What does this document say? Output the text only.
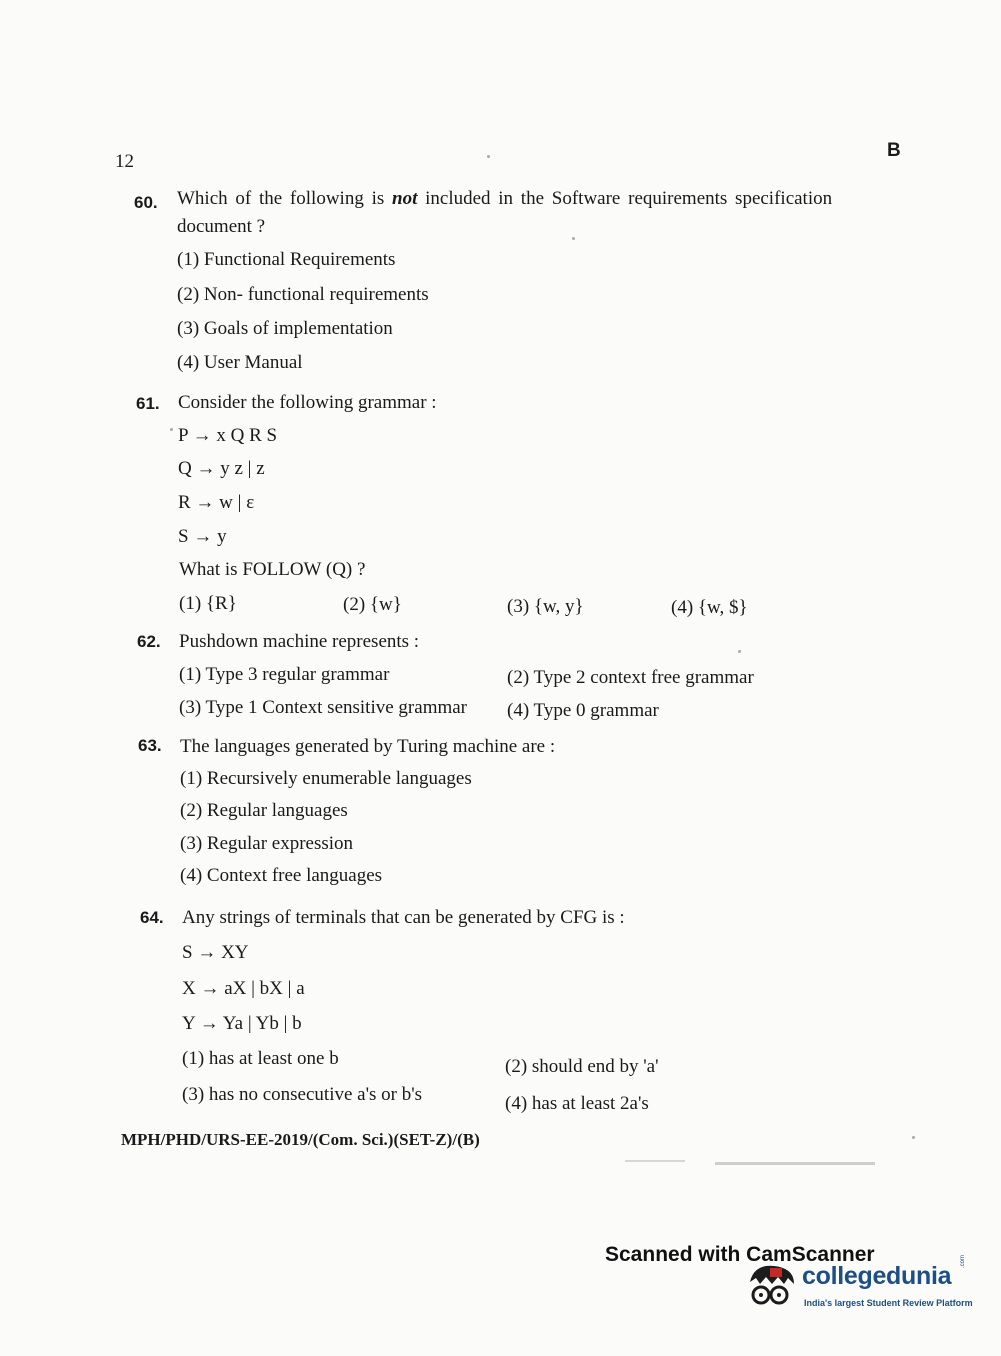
12
B
60. Which of the following is not included in the Software requirements specification
document ?
(1) Functional Requirements
(2) Non- functional requirements
(3) Goals of implementation
(4) User Manual
61. Consider the following grammar :
P → x Q R S
Q → y z | z
R → w | ε
S → y
What is FOLLOW (Q) ?
(1) {R}	(2) {w}	(3) {w, y}	(4) {w, $}
62. Pushdown machine represents :
(1) Type 3 regular grammar	(2) Type 2 context free grammar
(3) Type 1 Context sensitive grammar (4) Type 0 grammar
63. The languages generated by Turing machine are :
(1) Recursively enumerable languages
(2) Regular languages
(3) Regular expression
(4) Context free languages
64. Any strings of terminals that can be generated by CFG is :
S → XY
X → aX | bX | a
Y → Ya | Yb | b
(1) has at least one b	(2) should end by 'a'
(3) has no consecutive a's or b's	(4) has at least 2a's
MPH/PHD/URS-EE-2019/(Com. Sci.)(SET-Z)/(B)
Scanned with CamScanner
collegedunia
.com
India's largest Student Review Platform
